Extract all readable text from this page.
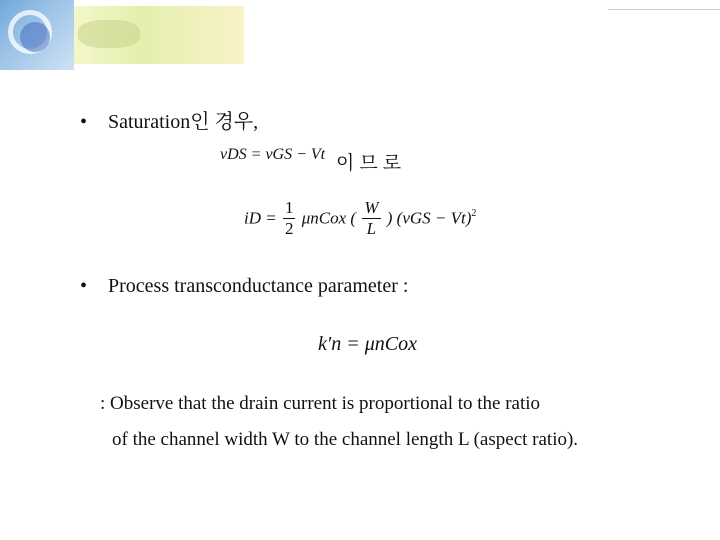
• Saturation인 경우,
vDS = vGS − Vt 이므로
iD = $\frac{1}{2}$ μnCox ( $\frac{W}{L}$ ) (vGS − Vt)$^2$
• Process transconductance parameter :
k′n = μnCox
: Observe that the drain current is proportional to the ratio
of the channel width W to the channel length L (aspect ratio).
